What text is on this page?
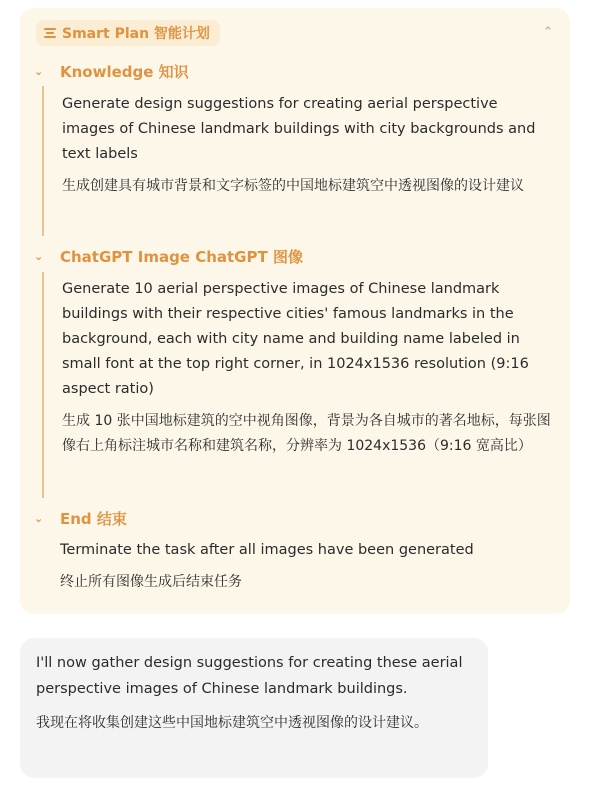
Smart Plan 智能计划	⌃
⌄	Knowledge 知识

Generate design suggestions for creating aerial perspective images of Chinese landmark buildings with city backgrounds and text labels

生成创建具有城市背景和文字标签的中国地标建筑空中透视图像的设计建议

⌄	ChatGPT Image ChatGPT 图像

Generate 10 aerial perspective images of Chinese landmark buildings with their respective cities' famous landmarks in the background, each with city name and building name labeled in small font at the top right corner, in 1024x1536 resolution (9:16 aspect ratio)

生成 10 张中国地标建筑的空中视角图像，背景为各自城市的著名地标，每张图像右上角标注城市名称和建筑名称，分辨率为 1024x1536（9:16 宽高比）

⌄	End 结束

Terminate the task after all images have been generated

终止所有图像生成后结束任务

I'll now gather design suggestions for creating these aerial perspective images of Chinese landmark buildings.

我现在将收集创建这些中国地标建筑空中透视图像的设计建议。
